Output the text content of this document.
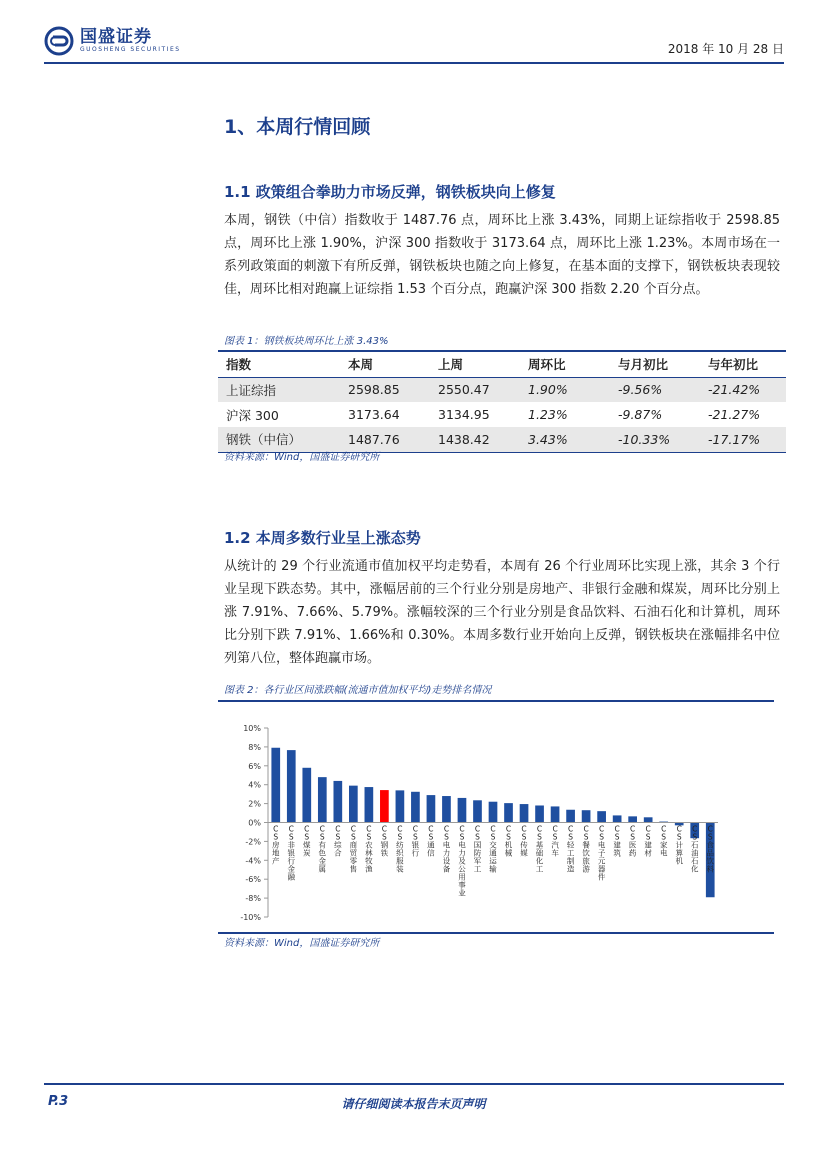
国盛证券
GUOSHENG SECURITIES	2018 年 10 月 28 日
1、本周行情回顾
1.1 政策组合拳助力市场反弹，钢铁板块向上修复
本周，钢铁（中信）指数收于 1487.76 点，周环比上涨 3.43%，同期上证综指收于 2598.85 点，周环比上涨 1.90%，沪深 300 指数收于 3173.64 点，周环比上涨 1.23%。本周市场在一系列政策面的刺激下有所反弹，钢铁板块也随之向上修复，在基本面的支撑下，钢铁板块表现较佳，周环比相对跑赢上证综指 1.53 个百分点，跑赢沪深 300 指数 2.20 个百分点。
图表 1：钢铁板块周环比上涨 3.43%
指数	本周	上周	周环比	与月初比	与年初比
上证综指	2598.85	2550.47	1.90%	-9.56%	-21.42%
沪深 300	3173.64	3134.95	1.23%	-9.87%	-21.27%
钢铁（中信）	1487.76	1438.42	3.43%	-10.33%	-17.17%
资料来源：Wind，国盛证券研究所
1.2 本周多数行业呈上涨态势
从统计的 29 个行业流通市值加权平均走势看，本周有 26 个行业周环比实现上涨，其余 3 个行业呈现下跌态势。其中，涨幅居前的三个行业分别是房地产、非银行金融和煤炭，周环比分别上涨 7.91%、7.66%、5.79%。涨幅较深的三个行业分别是食品饮料、石油石化和计算机，周环比分别下跌 7.91%、1.66%和 0.30%。本周多数行业开始向上反弹，钢铁板块在涨幅排名中位列第八位，整体跑赢市场。
图表 2：各行业区间涨跌幅(流通市值加权平均)走势排名情况
10%
8%
6%
4%
2%
0%
-2%
-4%
-6%
-8%
-10%
C S 房地产
C S 非银行金融
C S 煤炭
C S 有色金属
C S 综合
C S 商贸零售
C S 农林牧渔
C S 钢铁
C S 纺织服装
C S 银行
C S 通信
C S 电力设备
C S 电力及公用事业
C S 国防军工
C S 交通运输
C S 机械
C S 传媒
C S 基础化工
C S 汽车
C S 轻工制造
C S 餐饮旅游
C S 电子元器件
C S 建筑
C S 医药
C S 建材
C S 家电
C S 计算机
C S 石油石化
C S 食品饮料
资料来源：Wind，国盛证券研究所
P.3	请仔细阅读本报告末页声明
